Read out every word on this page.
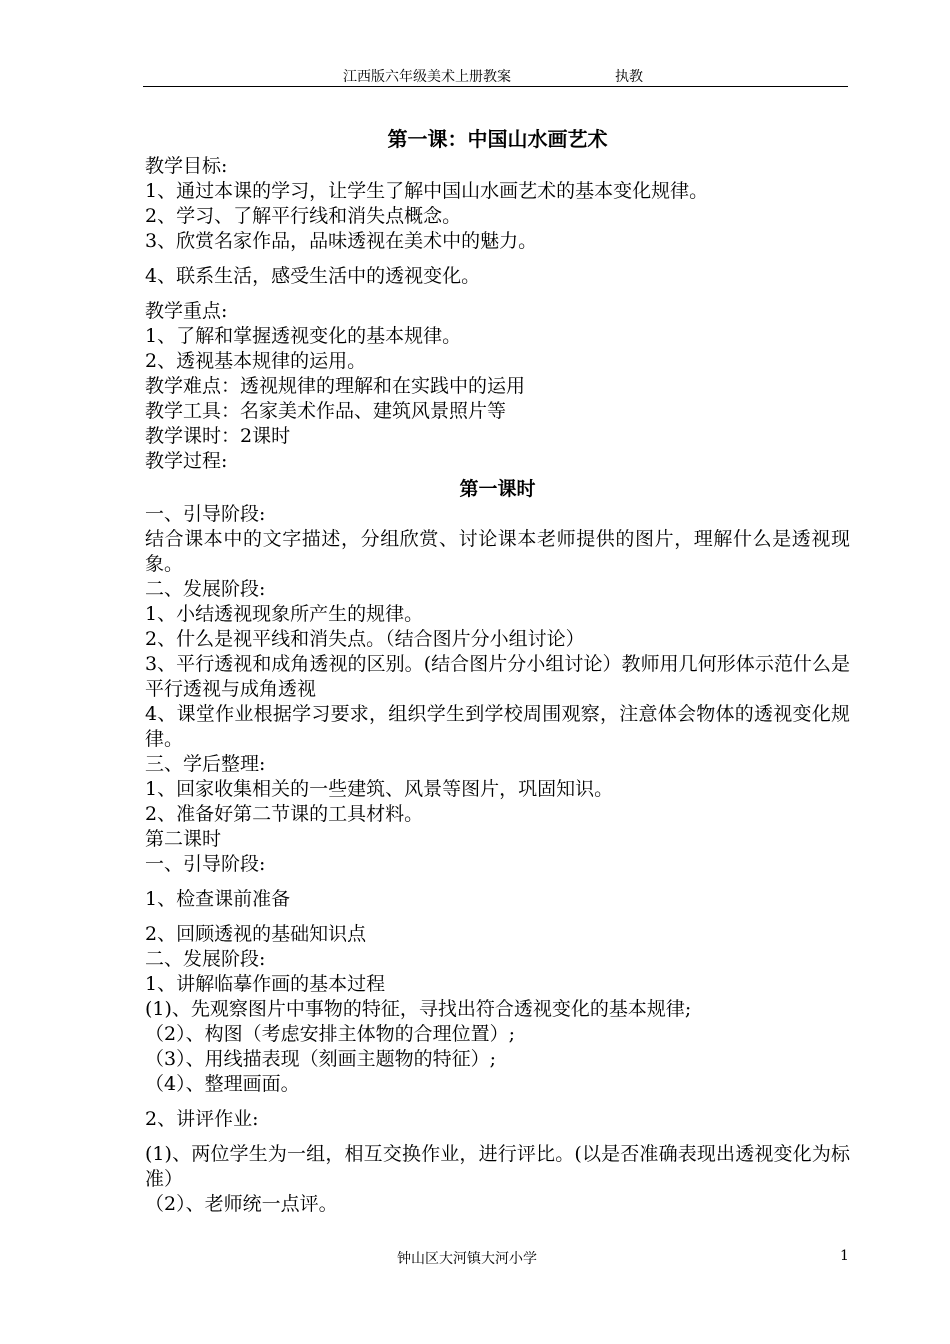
江西版六年级美术上册教案	执教
第一课：中国山水画艺术

教学目标:

1、通过本课的学习，让学生了解中国山水画艺术的基本变化规律。

2、学习、了解平行线和消失点概念。

3、欣赏名家作品，品味透视在美术中的魅力。

4、联系生活，感受生活中的透视变化。

教学重点:

1、了解和掌握透视变化的基本规律。

2、透视基本规律的运用。

教学难点：透视规律的理解和在实践中的运用

教学工具：名家美术作品、建筑风景照片等

教学课时：2课时

教学过程:

第一课时

一、引导阶段:

结合课本中的文字描述，分组欣赏、讨论课本老师提供的图片，理解什么是透视现象。

二、发展阶段:

1、小结透视现象所产生的规律。

2、什么是视平线和消失点。（结合图片分小组讨论）

3、平行透视和成角透视的区别。(结合图片分小组讨论）教师用几何形体示范什么是平行透视与成角透视

4、课堂作业根据学习要求，组织学生到学校周围观察，注意体会物体的透视变化规律。

三、学后整理:

1、回家收集相关的一些建筑、风景等图片，巩固知识。

2、准备好第二节课的工具材料。

第二课时

一、引导阶段:

1、检查课前准备

2、回顾透视的基础知识点

二、发展阶段:

1、讲解临摹作画的基本过程

(1)、先观察图片中事物的特征，寻找出符合透视变化的基本规律;

（2）、构图（考虑安排主体物的合理位置）;

（3）、用线描表现（刻画主题物的特征）;

（4）、整理画面。

2、讲评作业:

(1)、两位学生为一组，相互交换作业，进行评比。(以是否准确表现出透视变化为标准）

（2）、老师统一点评。

钟山区大河镇大河小学	1
